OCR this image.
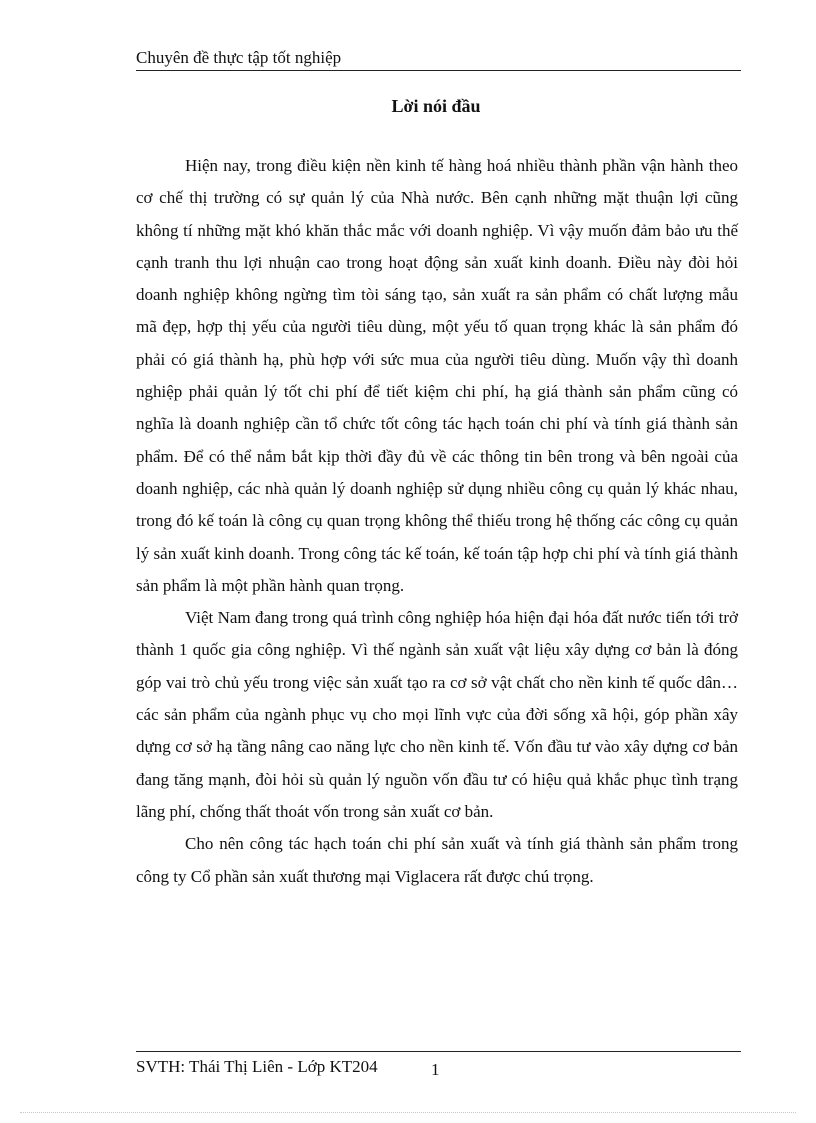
Chuyên đề thực tập tốt nghiệp
Lời nói đầu

Hiện nay, trong điều kiện nền kinh tế hàng hoá nhiều thành phần vận hành theo cơ chế thị trường có sự quản lý của Nhà nước. Bên cạnh những mặt thuận lợi cũng không tí những mặt khó khăn thắc mắc với doanh nghiệp. Vì vậy muốn đảm bảo ưu thế cạnh tranh thu lợi nhuận cao trong hoạt động sản xuất kinh doanh. Điều này đòi hỏi doanh nghiệp không ngừng tìm tòi sáng tạo, sản xuất ra sản phẩm có chất lượng mẫu mã đẹp, hợp thị yếu của người tiêu dùng, một yếu tố quan trọng khác là sản phẩm đó phải có giá thành hạ, phù hợp với sức mua của người tiêu dùng. Muốn vậy thì doanh nghiệp phải quản lý tốt chi phí để tiết kiệm chi phí, hạ giá thành sản phẩm cũng có nghĩa là doanh nghiệp cần tổ chức tốt công tác hạch toán chi phí và tính giá thành sản phẩm. Để có thể nắm bắt kịp thời đầy đủ về các thông tin bên trong và bên ngoài của doanh nghiệp, các nhà quản lý doanh nghiệp sử dụng nhiều công cụ quản lý khác nhau, trong đó kế toán là công cụ quan trọng không thể thiếu trong hệ thống các công cụ quản lý sản xuất kinh doanh. Trong công tác kế toán, kế toán tập hợp chi phí và tính giá thành sản phẩm là một phần hành quan trọng.

Việt Nam đang trong quá trình công nghiệp hóa hiện đại hóa đất nước tiến tới trở thành 1 quốc gia công nghiệp. Vì thế ngành sản xuất vật liệu xây dựng cơ bản là đóng góp vai trò chủ yếu trong việc sản xuất tạo ra cơ sở vật chất cho nền kinh tế quốc dân… các sản phẩm của ngành phục vụ cho mọi lĩnh vực của đời sống xã hội, góp phần xây dựng cơ sở hạ tầng nâng cao năng lực cho nền kinh tế. Vốn đầu tư vào xây dựng cơ bản đang tăng mạnh, đòi hỏi sù quản lý nguồn vốn đầu tư có hiệu quả khắc phục tình trạng lãng phí, chống thất thoát vốn trong sản xuất cơ bản.

Cho nên công tác hạch toán chi phí sản xuất và tính giá thành sản phẩm trong công ty Cổ phần sản xuất thương mại Viglacera rất được chú trọng.

SVTH: Thái Thị Liên - Lớp KT204	1
